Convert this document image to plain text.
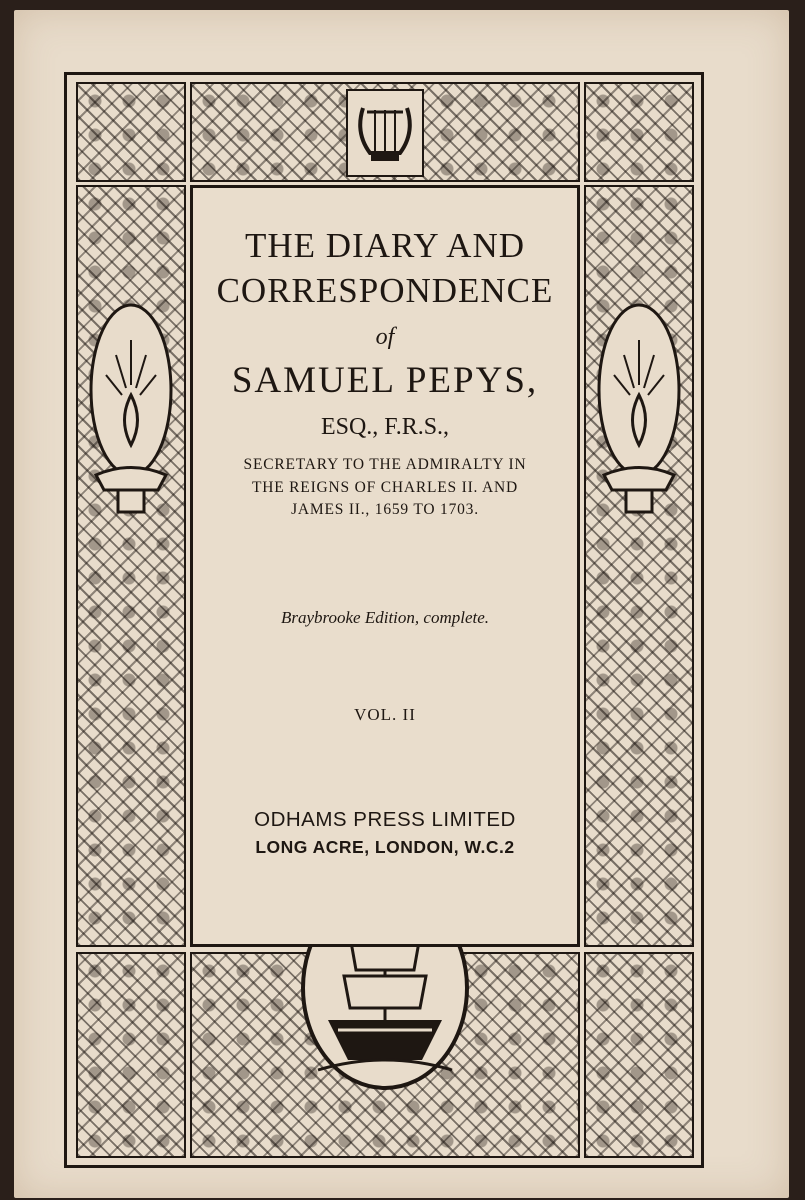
THE DIARY AND
CORRESPONDENCE
of
SAMUEL PEPYS,
ESQ., F.R.S.,
SECRETARY TO THE ADMIRALTY IN
THE REIGNS OF CHARLES II. AND
JAMES II., 1659 TO 1703.
Braybrooke Edition, complete.
VOL. II
ODHAMS PRESS LIMITED
LONG ACRE, LONDON, W.C.2
